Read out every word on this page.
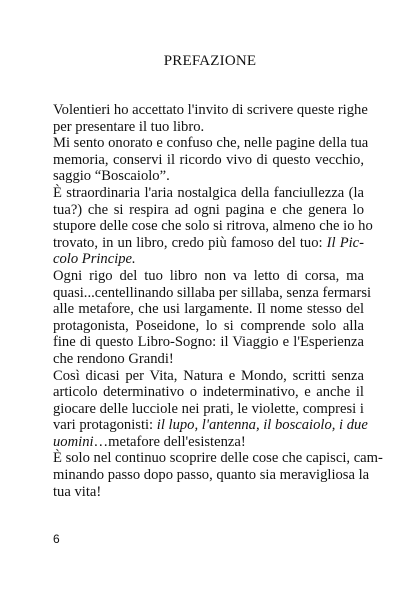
PREFAZIONE
Volentieri ho accettato l'invito di scrivere queste righe
per presentare il tuo libro.
Mi sento onorato e confuso che, nelle pagine della tua
memoria, conservi il ricordo vivo di questo vecchio,
saggio “Boscaiolo”.
È straordinaria l'aria nostalgica della fanciullezza (la
tua?) che si respira ad ogni pagina e che genera lo
stupore delle cose che solo si ritrova, almeno che io ho
trovato, in un libro, credo più famoso del tuo: Il Pic-
colo Principe.
Ogni rigo del tuo libro non va letto di corsa, ma
quasi...centellinando sillaba per sillaba, senza fermarsi
alle metafore, che usi largamente. Il nome stesso del
protagonista, Poseidone, lo si comprende solo alla
fine di questo Libro-Sogno: il Viaggio e l'Esperienza
che rendono Grandi!
Così dicasi per Vita, Natura e Mondo, scritti senza
articolo determinativo o indeterminativo, e anche il
giocare delle lucciole nei prati, le violette, compresi i
vari protagonisti: il lupo, l'antenna, il boscaiolo, i due
uomini…metafore dell'esistenza!
È solo nel continuo scoprire delle cose che capisci, cam-
minando passo dopo passo, quanto sia meravigliosa la
tua vita!
6
